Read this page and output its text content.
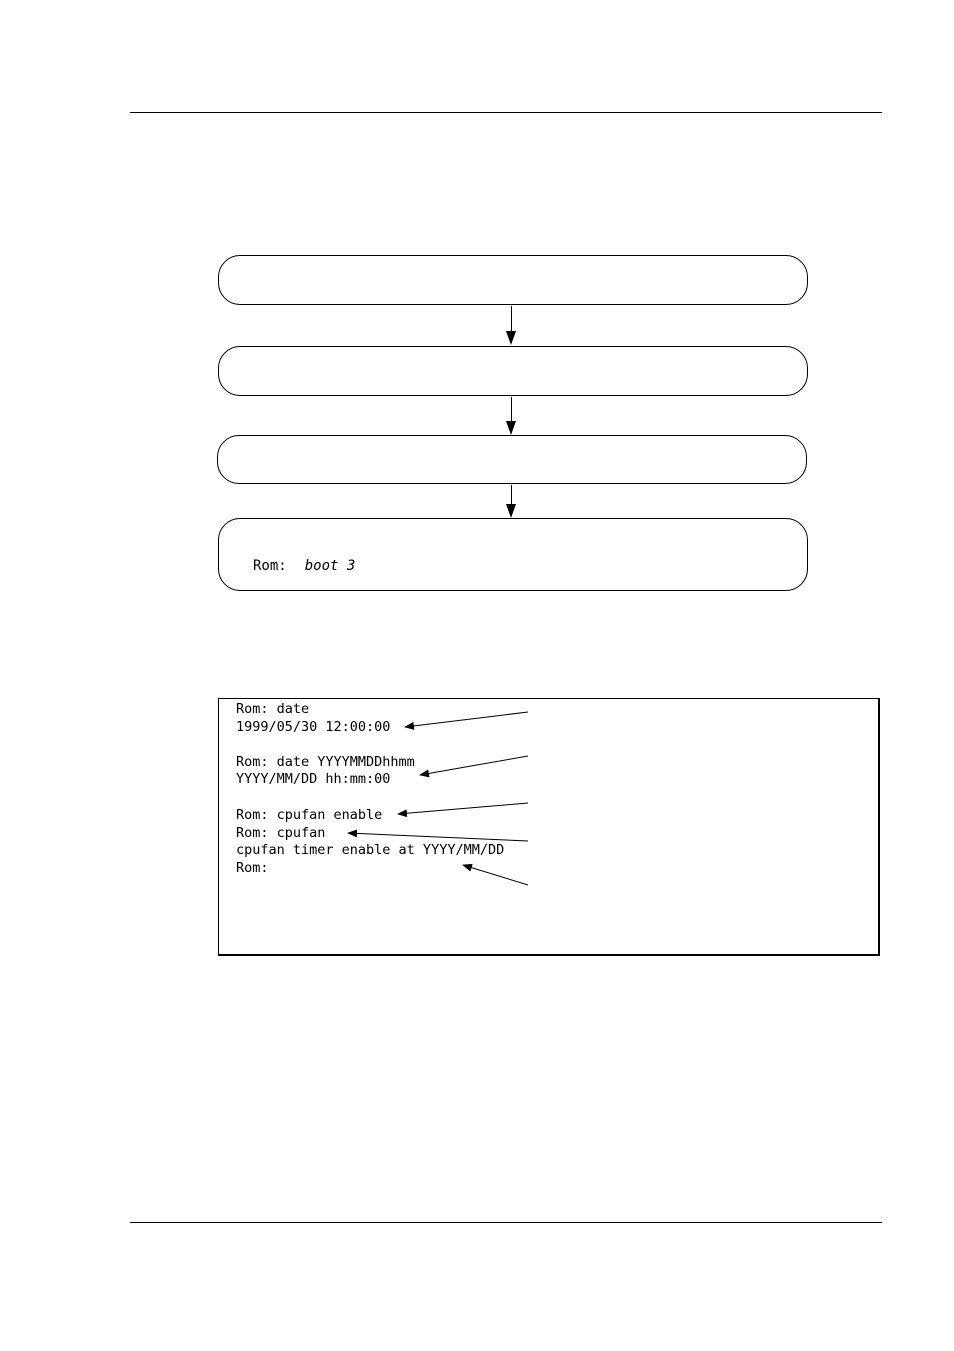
Rom: boot 3
Rom: date
1999/05/30 12:00:00
Rom: date YYYYMMDDhhmm
YYYY/MM/DD hh:mm:00
Rom: cpufan enable
Rom: cpufan
cpufan timer enable at YYYY/MM/DD
Rom:
